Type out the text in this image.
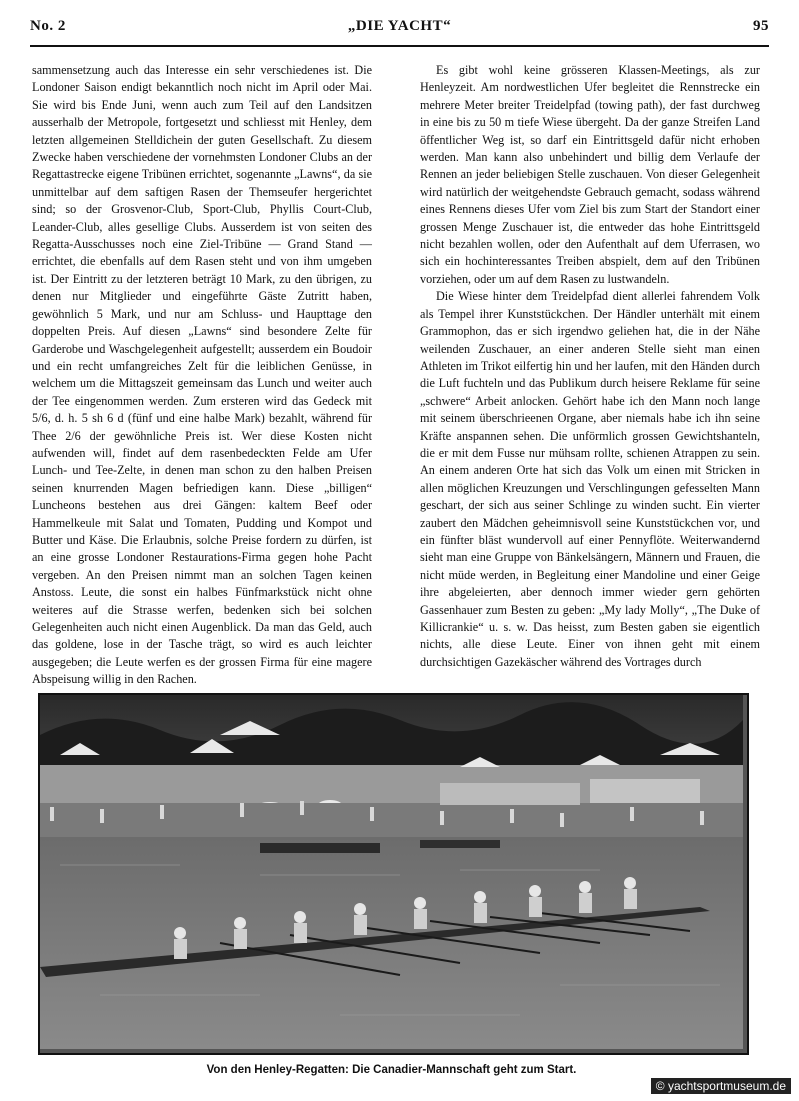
No. 2	„DIE YACHT“	95

sammensetzung auch das Interesse ein sehr verschiedenes ist. Die Londoner Saison endigt bekanntlich noch nicht im April oder Mai. Sie wird bis Ende Juni, wenn auch zum Teil auf den Landsitzen ausserhalb der Metropole, fortgesetzt und schliesst mit Henley, dem letzten allgemeinen Stelldichein der guten Gesellschaft. Zu diesem Zwecke haben verschiedene der vornehmsten Londoner Clubs an der Regattastrecke eigene Tribünen errichtet, sogenannte „Lawns“, da sie unmittelbar auf dem saftigen Rasen der Themseufer hergerichtet sind; so der Grosvenor-Club, Sport-Club, Phyllis Court-Club, Leander-Club, alles gesellige Clubs. Ausserdem ist von seiten des Regatta-Ausschusses noch eine Ziel-Tribüne — Grand Stand — errichtet, die ebenfalls auf dem Rasen steht und von ihm umgeben ist. Der Eintritt zu der letzteren beträgt 10 Mark, zu den übrigen, zu denen nur Mitglieder und eingeführte Gäste Zutritt haben, gewöhnlich 5 Mark, und nur am Schluss- und Haupttage den doppelten Preis. Auf diesen „Lawns“ sind besondere Zelte für Garderobe und Waschgelegenheit aufgestellt; ausserdem ein Boudoir und ein recht umfangreiches Zelt für die leiblichen Genüsse, in welchem um die Mittagszeit gemeinsam das Lunch und weiter auch der Tee eingenommen werden. Zum ersteren wird das Gedeck mit 5/6, d. h. 5 sh 6 d (fünf und eine halbe Mark) bezahlt, während für Thee 2/6 der gewöhnliche Preis ist. Wer diese Kosten nicht aufwenden will, findet auf dem rasenbedeckten Felde am Ufer Lunch- und Tee-Zelte, in denen man schon zu den halben Preisen seinen knurrenden Magen befriedigen kann. Diese „billigen“ Luncheons bestehen aus drei Gängen: kaltem Beef oder Hammelkeule mit Salat und Tomaten, Pudding und Kompot und Butter und Käse. Die Erlaubnis, solche Preise fordern zu dürfen, ist an eine grosse Londoner Restaurations-Firma gegen hohe Pacht vergeben. An den Preisen nimmt man an solchen Tagen keinen Anstoss. Leute, die sonst ein halbes Fünfmarkstück nicht ohne weiteres auf die Strasse werfen, bedenken sich bei solchen Gelegenheiten auch nicht einen Augenblick. Da man das Geld, auch das goldene, lose in der Tasche trägt, so wird es auch leichter ausgegeben; die Leute werfen es der grossen Firma für eine magere Abspeisung willig in den Rachen.

Es gibt wohl keine grösseren Klassen-Meetings, als zur Henleyzeit. Am nordwestlichen Ufer begleitet die Rennstrecke ein mehrere Meter breiter Treidelpfad (towing path), der fast durchweg in eine bis zu 50 m tiefe Wiese übergeht. Da der ganze Streifen Land öffentlicher Weg ist, so darf ein Eintrittsgeld dafür nicht erhoben werden. Man kann also unbehindert und billig dem Verlaufe der Rennen an jeder beliebigen Stelle zuschauen. Von dieser Gelegenheit wird natürlich der weitgehendste Gebrauch gemacht, sodass während eines Rennens dieses Ufer vom Ziel bis zum Start der Standort einer grossen Menge Zuschauer ist, die entweder das hohe Eintrittsgeld nicht bezahlen wollen, oder den Aufenthalt auf dem Uferrasen, wo sich ein hochinteressantes Treiben abspielt, dem auf den Tribünen vorziehen, oder um auf dem Rasen zu lustwandeln.

Die Wiese hinter dem Treidelpfad dient allerlei fahrendem Volk als Tempel ihrer Kunststückchen. Der Händler unterhält mit einem Grammophon, das er sich irgendwo geliehen hat, die in der Nähe weilenden Zuschauer, an einer anderen Stelle sieht man einen Athleten im Trikot eilfertig hin und her laufen, mit den Händen durch die Luft fuchteln und das Publikum durch heisere Reklame für seine „schwere“ Arbeit anlocken. Gehört habe ich den Mann noch lange mit seinem überschrieenen Organe, aber niemals habe ich ihn seine Kräfte anspannen sehen. Die unförmlich grossen Gewichtshanteln, die er mit dem Fusse nur mühsam rollte, schienen Atrappen zu sein. An einem anderen Orte hat sich das Volk um einen mit Stricken in allen möglichen Kreuzungen und Verschlingungen gefesselten Mann geschart, der sich aus seiner Schlinge zu winden sucht. Ein vierter zaubert den Mädchen geheimnisvoll seine Kunststückchen vor, und ein fünfter bläst wundervoll auf einer Pennyflöte. Weiterwandernd sieht man eine Gruppe von Bänkelsängern, Männern und Frauen, die nicht müde werden, in Begleitung einer Mandoline und einer Geige ihre abgeleierten, aber dennoch immer wieder gern gehörten Gassenhauer zum Besten zu geben: „My lady Molly“, „The Duke of Killicrankie“ u. s. w. Das heisst, zum Besten gaben sie eigentlich nichts, alle diese Leute. Einer von ihnen geht mit einem durchsichtigen Gazekäscher während des Vortrages durch

Von den Henley-Regatten: Die Canadier-Mannschaft geht zum Start.
© yachtsportmuseum.de
